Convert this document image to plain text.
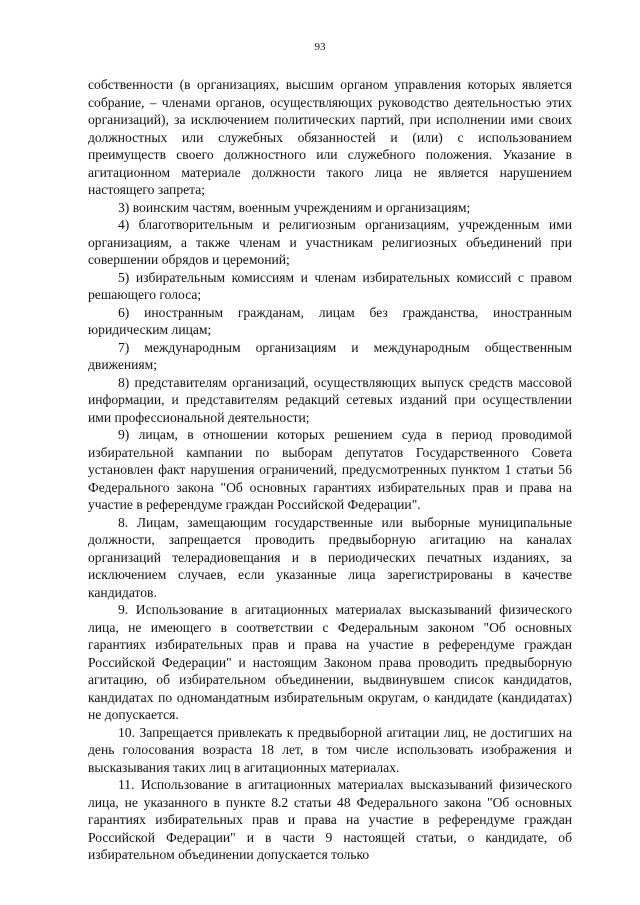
93

собственности (в организациях, высшим органом управления которых является собрание, – членами органов, осуществляющих руководство деятельностью этих организаций), за исключением политических партий, при исполнении ими своих должностных или служебных обязанностей и (или) с использованием преимуществ своего должностного или служебного положения. Указание в агитационном материале должности такого лица не является нарушением настоящего запрета;

3) воинским частям, военным учреждениям и организациям;

4) благотворительным и религиозным организациям, учрежденным ими организациям, а также членам и участникам религиозных объединений при совершении обрядов и церемоний;

5) избирательным комиссиям и членам избирательных комиссий с правом решающего голоса;

6) иностранным гражданам, лицам без гражданства, иностранным юридическим лицам;

7) международным организациям и международным общественным движениям;

8) представителям организаций, осуществляющих выпуск средств массовой информации, и представителям редакций сетевых изданий при осуществлении ими профессиональной деятельности;

9) лицам, в отношении которых решением суда в период проводимой избирательной кампании по выборам депутатов Государственного Совета установлен факт нарушения ограничений, предусмотренных пунктом 1 статьи 56 Федерального закона "Об основных гарантиях избирательных прав и права на участие в референдуме граждан Российской Федерации".

8. Лицам, замещающим государственные или выборные муниципальные должности, запрещается проводить предвыборную агитацию на каналах организаций телерадиовещания и в периодических печатных изданиях, за исключением случаев, если указанные лица зарегистрированы в качестве кандидатов.

9. Использование в агитационных материалах высказываний физического лица, не имеющего в соответствии с Федеральным законом "Об основных гарантиях избирательных прав и права на участие в референдуме граждан Российской Федерации" и настоящим Законом права проводить предвыборную агитацию, об избирательном объединении, выдвинувшем список кандидатов, кандидатах по одномандатным избирательным округам, о кандидате (кандидатах) не допускается.

10. Запрещается привлекать к предвыборной агитации лиц, не достигших на день голосования возраста 18 лет, в том числе использовать изображения и высказывания таких лиц в агитационных материалах.

11. Использование в агитационных материалах высказываний физического лица, не указанного в пункте 8.2 статьи 48 Федерального закона "Об основных гарантиях избирательных прав и права на участие в референдуме граждан Российской Федерации" и в части 9 настоящей статьи, о кандидате, об избирательном объединении допускается только
